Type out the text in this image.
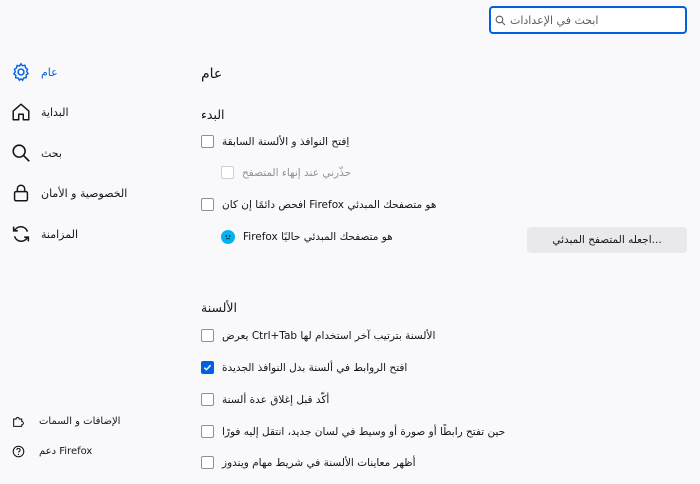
ابحث في الإعدادات
عام
البداية
بحث
الخصوصية و الأمان
المزامنة
الإضافات و السمات
دعم Firefox
عام
البدء
اِفتح النوافذ و الألسنة السابقة
حذّرني عند إنهاء المتصفح
افحص دائمًا إن كان Firefox هو متصفحك المبدئي
Firefox هو متصفحك المبدئي حاليًا	اجعله المتصفح المبدئي...
الألسنة
يعرض Ctrl+Tab الألسنة بترتيب آخر استخدام لها
افتح الروابط في ألسنة بدل النوافذ الجديدة
أكّد قبل إغلاق عدة ألسنة
حين تفتح رابطًا أو صورة أو وسيط في لسان جديد، انتقل إليه فورًا
أظهر معاينات الألسنة في شريط مهام ويندوز
